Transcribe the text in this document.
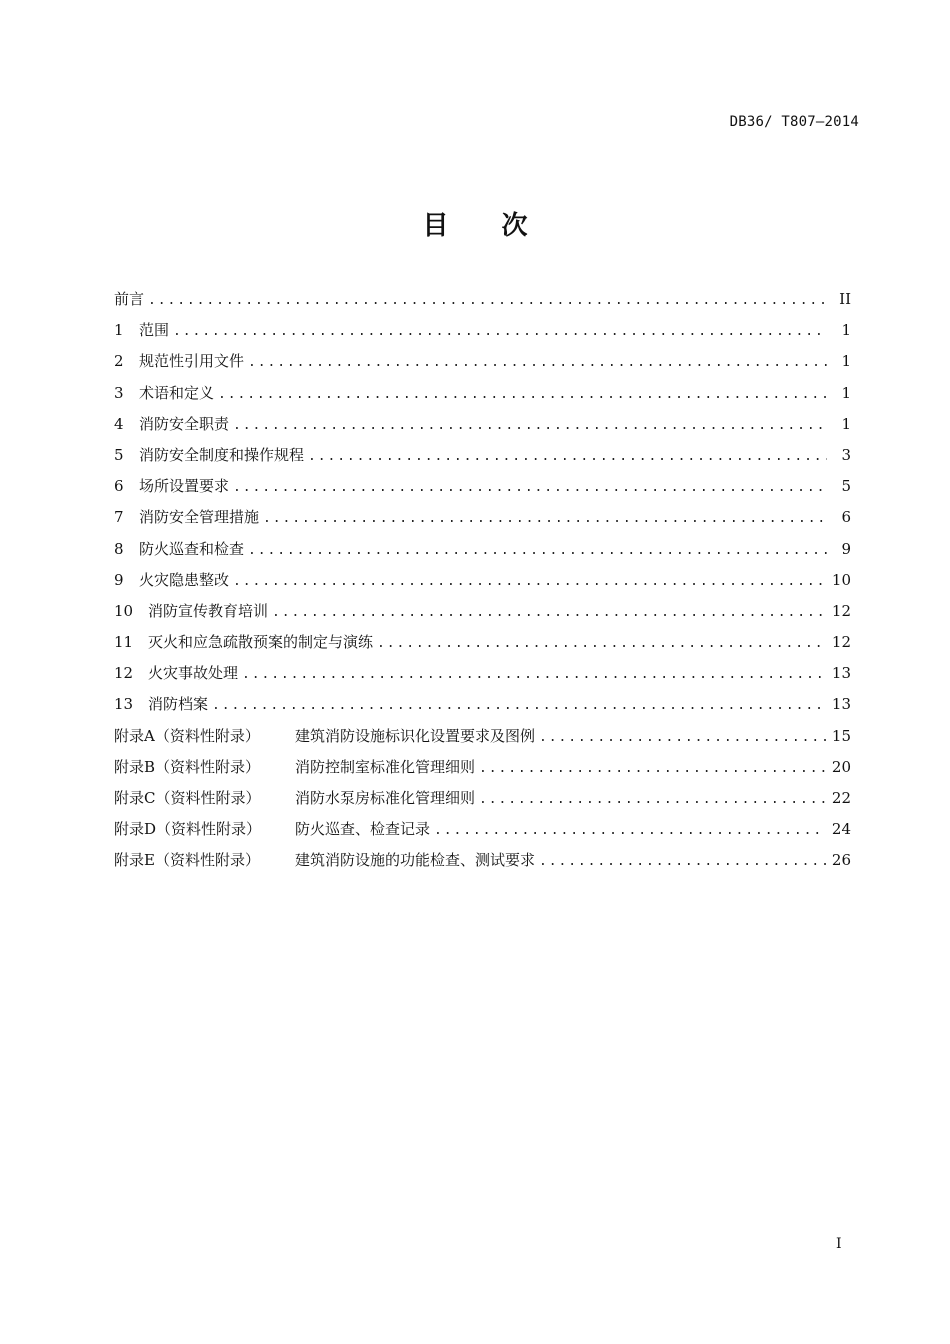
DB36/ T807—2014
目 次
前言 .....	II
1	范围 .....	1
2	规范性引用文件 .....	1
3	术语和定义 .....	1
4	消防安全职责 .....	1
5	消防安全制度和操作规程 .....	3
6	场所设置要求 .....	5
7	消防安全管理措施 .....	6
8	防火巡查和检查 .....	9
9	火灾隐患整改 .....	10
10 消防宣传教育培训 .....	12
11 灭火和应急疏散预案的制定与演练 .....	12
12 火灾事故处理 .....	13
13 消防档案 .....	13
附录A（资料性附录）	建筑消防设施标识化设置要求及图例 .....	15
附录B（资料性附录）	消防控制室标准化管理细则 .....	20
附录C（资料性附录）	消防水泵房标准化管理细则 .....	22
附录D（资料性附录）	防火巡查、检查记录 .....	24
附录E（资料性附录）	建筑消防设施的功能检查、测试要求 .....	26
I
